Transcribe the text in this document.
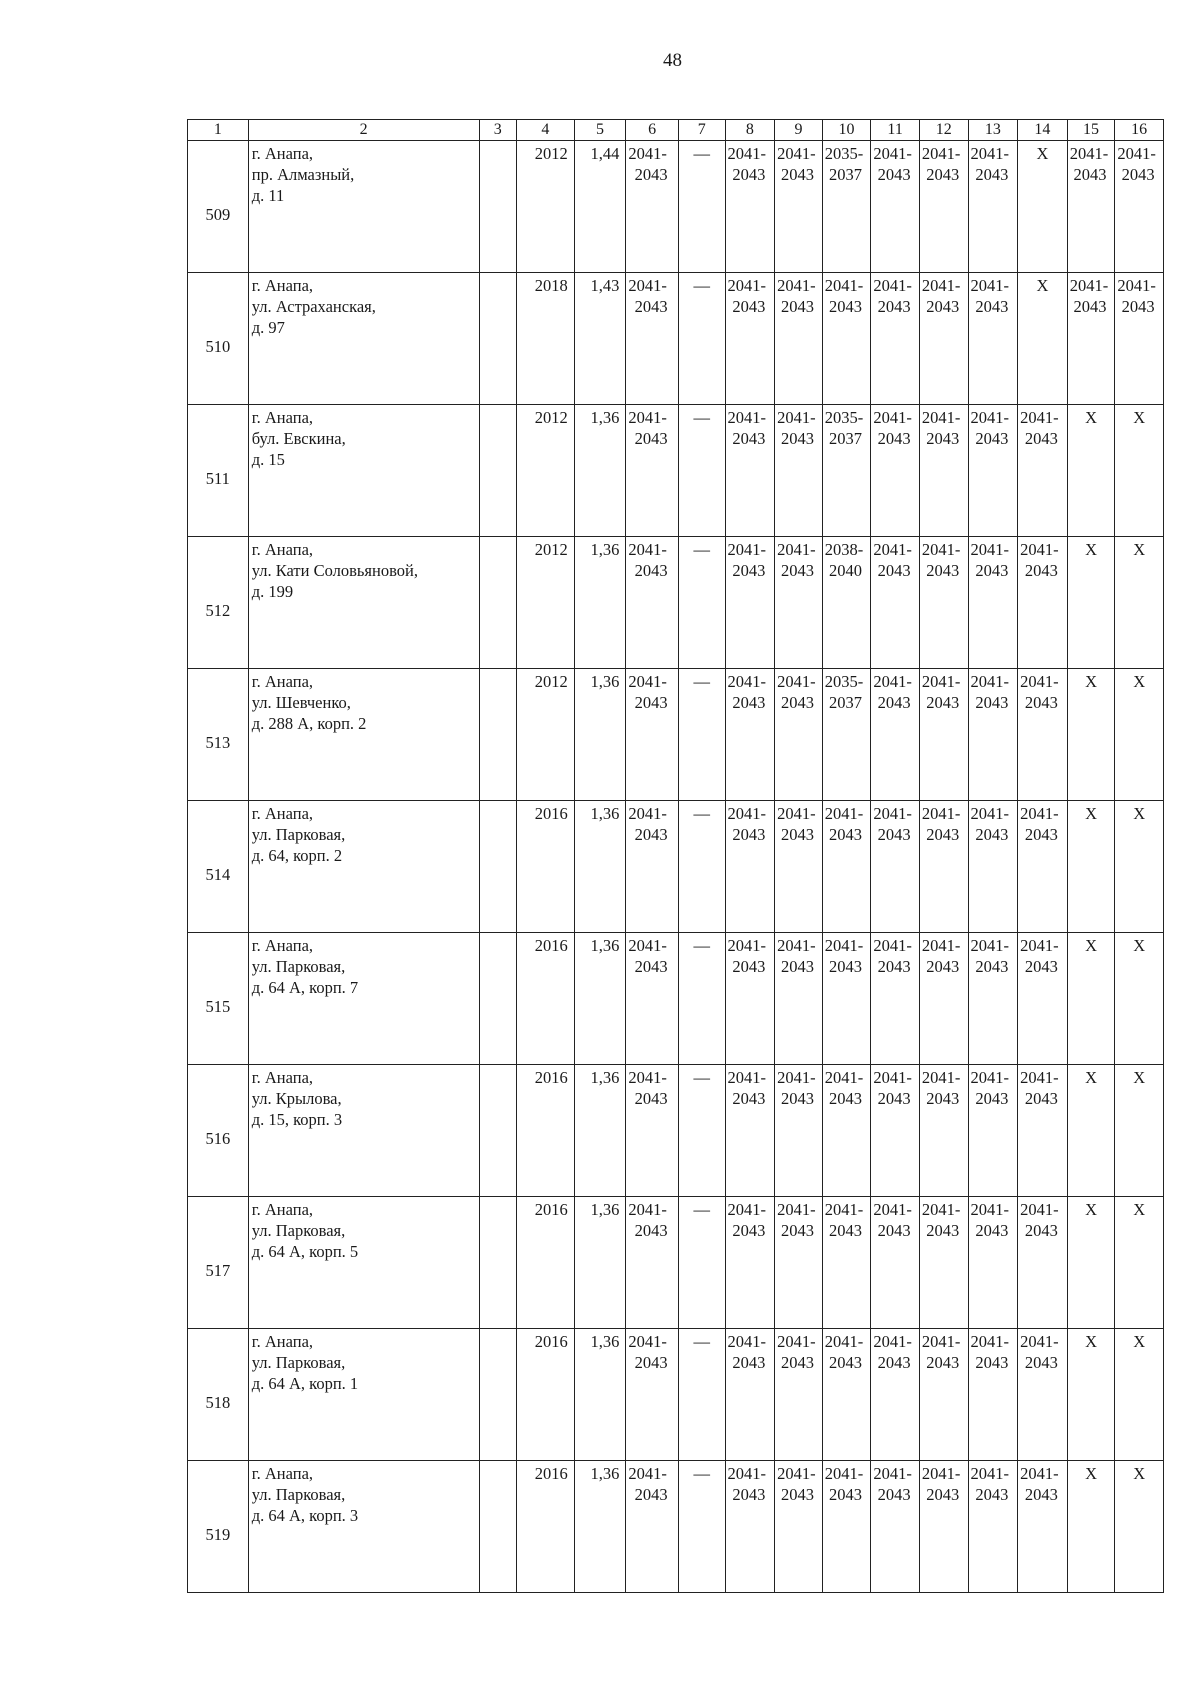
48
1	2	3	4	5	6	7	8	9	10	11	12	13	14	15	16
509	г. Анапа,
пр. Алмазный,
д. 11		2012	1,44	2041-
2043	—	2041-
2043	2041-
2043	2035-
2037	2041-
2043	2041-
2043	2041-
2043	Х	2041-
2043	2041-
2043

510	г. Анапа,
ул. Астраханская,
д. 97		2018	1,43	2041-
2043	—	2041-
2043	2041-
2043	2041-
2043	2041-
2043	2041-
2043	2041-
2043	Х	2041-
2043	2041-
2043

511	г. Анапа,
бул. Евскина,
д. 15		2012	1,36	2041-
2043	—	2041-
2043	2041-
2043	2035-
2037	2041-
2043	2041-
2043	2041-
2043	2041-
2043	Х	Х
512	г. Анапа,
ул. Кати Соловьяновой,
д. 199		2012	1,36	2041-
2043	—	2041-
2043	2041-
2043	2038-
2040	2041-
2043	2041-
2043	2041-
2043	2041-
2043	Х	Х
513	г. Анапа,
ул. Шевченко,
д. 288 А, корп. 2		2012	1,36	2041-
2043	—	2041-
2043	2041-
2043	2035-
2037	2041-
2043	2041-
2043	2041-
2043	2041-
2043	Х	Х
514	г. Анапа,
ул. Парковая,
д. 64, корп. 2		2016	1,36	2041-
2043	—	2041-
2043	2041-
2043	2041-
2043	2041-
2043	2041-
2043	2041-
2043	2041-
2043	Х	Х
515	г. Анапа,
ул. Парковая,
д. 64 А, корп. 7		2016	1,36	2041-
2043	—	2041-
2043	2041-
2043	2041-
2043	2041-
2043	2041-
2043	2041-
2043	2041-
2043	Х	Х
516	г. Анапа,
ул. Крылова,
д. 15, корп. 3		2016	1,36	2041-
2043	—	2041-
2043	2041-
2043	2041-
2043	2041-
2043	2041-
2043	2041-
2043	2041-
2043	Х	Х
517	г. Анапа,
ул. Парковая,
д. 64 А, корп. 5		2016	1,36	2041-
2043	—	2041-
2043	2041-
2043	2041-
2043	2041-
2043	2041-
2043	2041-
2043	2041-
2043	Х	Х
518	г. Анапа,
ул. Парковая,
д. 64 А, корп. 1		2016	1,36	2041-
2043	—	2041-
2043	2041-
2043	2041-
2043	2041-
2043	2041-
2043	2041-
2043	2041-
2043	Х	Х
519	г. Анапа,
ул. Парковая,
д. 64 А, корп. 3		2016	1,36	2041-
2043	—	2041-
2043	2041-
2043	2041-
2043	2041-
2043	2041-
2043	2041-
2043	2041-
2043	Х	Х
